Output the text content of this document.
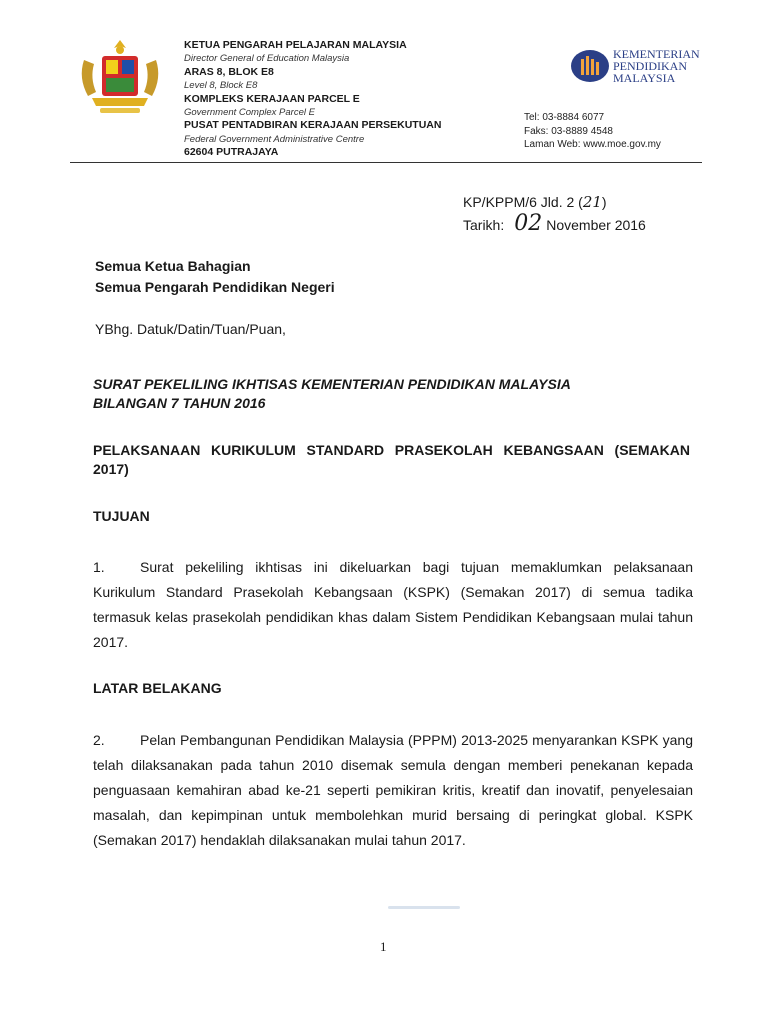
KETUA PENGARAH PELAJARAN MALAYSIA
Director General of Education Malaysia
ARAS 8, BLOK E8
Level 8, Block E8
KOMPLEKS KERAJAAN PARCEL E
Government Complex Parcel E
PUSAT PENTADBIRAN KERAJAAN PERSEKUTUAN
Federal Government Administrative Centre
62604 PUTRAJAYA
KEMENTERIAN
PENDIDIKAN
MALAYSIA
Tel: 03-8884 6077
Faks: 03-8889 4548
Laman Web: www.moe.gov.my
KP/KPPM/6 Jld. 2 (21)
Tarikh: 02 November 2016
Semua Ketua Bahagian
Semua Pengarah Pendidikan Negeri
YBhg. Datuk/Datin/Tuan/Puan,
SURAT PEKELILING IKHTISAS KEMENTERIAN PENDIDIKAN MALAYSIA
BILANGAN 7 TAHUN 2016
PELAKSANAAN KURIKULUM STANDARD PRASEKOLAH KEBANGSAAN (SEMAKAN 2017)
TUJUAN
1.	Surat pekeliling ikhtisas ini dikeluarkan bagi tujuan memaklumkan pelaksanaan Kurikulum Standard Prasekolah Kebangsaan (KSPK) (Semakan 2017) di semua tadika termasuk kelas prasekolah pendidikan khas dalam Sistem Pendidikan Kebangsaan mulai tahun 2017.
LATAR BELAKANG
2.	Pelan Pembangunan Pendidikan Malaysia (PPPM) 2013-2025 menyarankan KSPK yang telah dilaksanakan pada tahun 2010 disemak semula dengan memberi penekanan kepada penguasaan kemahiran abad ke-21 seperti pemikiran kritis, kreatif dan inovatif, penyelesaian masalah, dan kepimpinan untuk membolehkan murid bersaing di peringkat global. KSPK (Semakan 2017) hendaklah dilaksanakan mulai tahun 2017.
1
